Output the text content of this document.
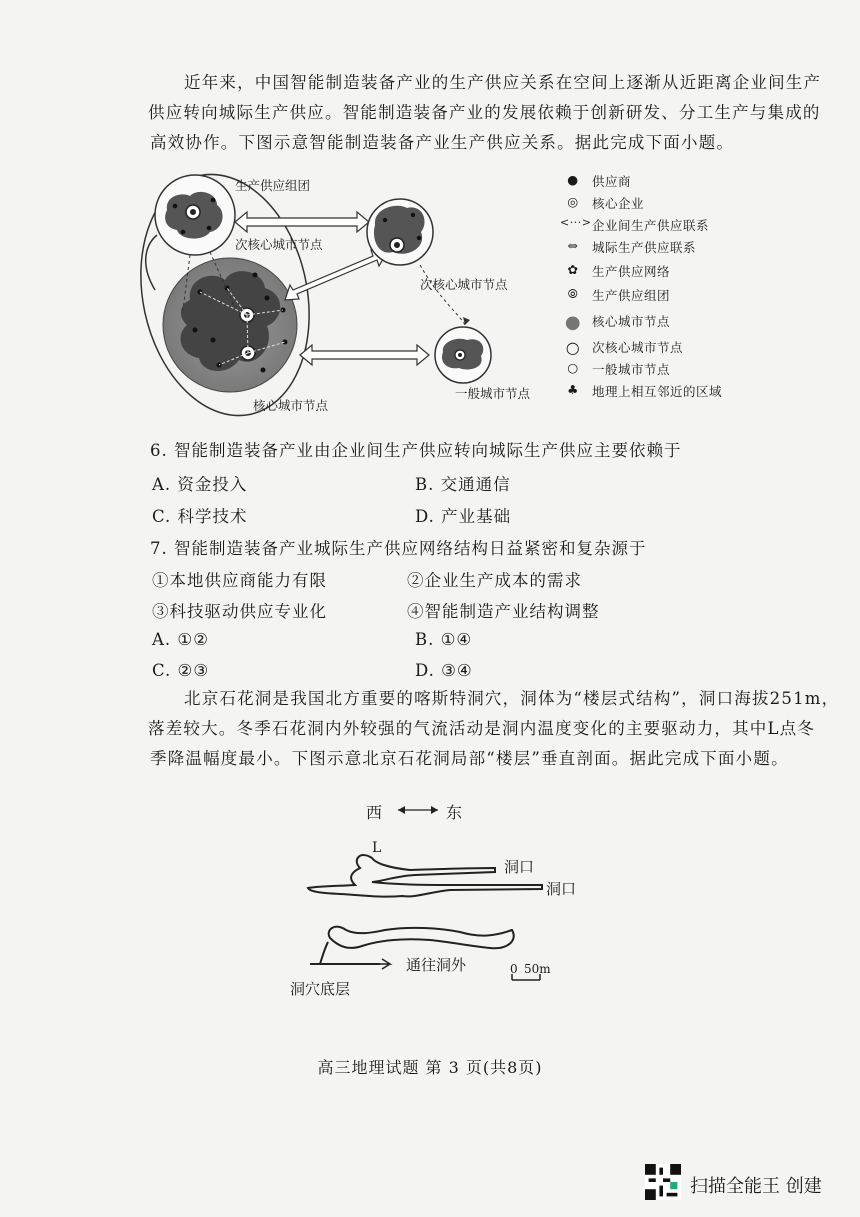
近年来，中国智能制造装备产业的生产供应关系在空间上逐渐从近距离企业间生产
供应转向城际生产供应。智能制造装备产业的发展依赖于创新研发、分工生产与集成的
高效协作。下图示意智能制造装备产业生产供应关系。据此完成下面小题。
生产供应组团
次核心城市节点
次核心城市节点
一般城市节点
核心城市节点
●	供应商
◎	核心企业
<···> 企业间生产供应联系
⇔	城际生产供应联系
✿	生产供应网络
⦾	生产供应组团
● 核心城市节点
○ 次核心城市节点
○	一般城市节点
♣	地理上相互邻近的区域
6. 智能制造装备产业由企业间生产供应转向城际生产供应主要依赖于
A. 资金投入	B. 交通通信
C. 科学技术	D. 产业基础
7. 智能制造装备产业城际生产供应网络结构日益紧密和复杂源于
①本地供应商能力有限	②企业生产成本的需求
③科技驱动供应专业化	④智能制造产业结构调整
A. ①②	B. ①④
C. ②③	D. ③④
北京石花洞是我国北方重要的喀斯特洞穴，洞体为“楼层式结构”，洞口海拔251m，
落差较大。冬季石花洞内外较强的气流活动是洞内温度变化的主要驱动力，其中L点冬
季降温幅度最小。下图示意北京石花洞局部“楼层”垂直剖面。据此完成下面小题。
西	东
L
洞口
洞口
通往洞外
洞穴底层
0 50m
高三地理试题 第 3 页(共8页)
扫描全能王 创建
